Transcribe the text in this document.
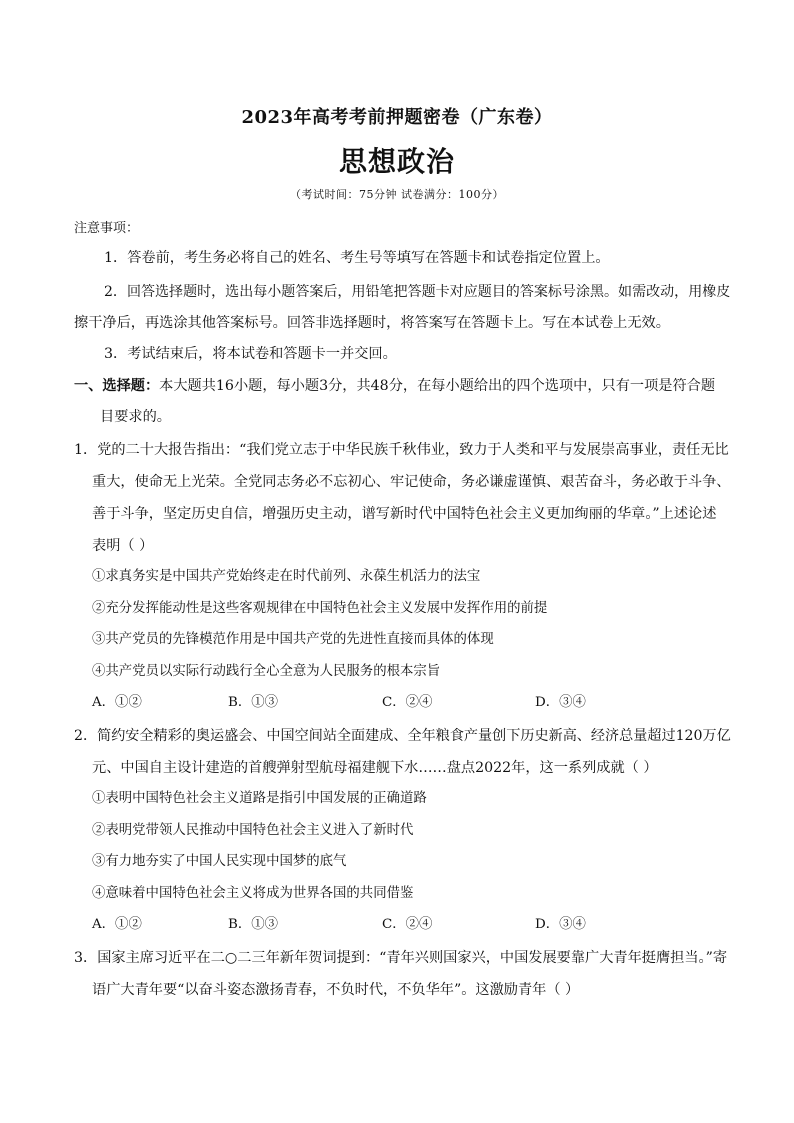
2023年高考考前押题密卷（广东卷）
思想政治
（考试时间：75分钟 试卷满分：100分）
注意事项：
1．答卷前，考生务必将自己的姓名、考生号等填写在答题卡和试卷指定位置上。
2．回答选择题时，选出每小题答案后，用铅笔把答题卡对应题目的答案标号涂黑。如需改动，用橡皮
擦干净后，再选涂其他答案标号。回答非选择题时，将答案写在答题卡上。写在本试卷上无效。
3．考试结束后，将本试卷和答题卡一并交回。
一、选择题：本大题共16小题，每小题3分，共48分，在每小题给出的四个选项中，只有一项是符合题
目要求的。
1．党的二十大报告指出：“我们党立志于中华民族千秋伟业，致力于人类和平与发展崇高事业，责任无比
重大，使命无上光荣。全党同志务必不忘初心、牢记使命，务必谦虚谨慎、艰苦奋斗，务必敢于斗争、
善于斗争，坚定历史自信，增强历史主动，谱写新时代中国特色社会主义更加绚丽的华章。”上述论述
表明（ ）
①求真务实是中国共产党始终走在时代前列、永葆生机活力的法宝
②充分发挥能动性是这些客观规律在中国特色社会主义发展中发挥作用的前提
③共产党员的先锋模范作用是中国共产党的先进性直接而具体的体现
④共产党员以实际行动践行全心全意为人民服务的根本宗旨
A．①②	B．①③	C．②④	D．③④
2．简约安全精彩的奥运盛会、中国空间站全面建成、全年粮食产量创下历史新高、经济总量超过120万亿
元、中国自主设计建造的首艘弹射型航母福建舰下水……盘点2022年，这一系列成就（ ）
①表明中国特色社会主义道路是指引中国发展的正确道路
②表明党带领人民推动中国特色社会主义进入了新时代
③有力地夯实了中国人民实现中国梦的底气
④意味着中国特色社会主义将成为世界各国的共同借鉴
A．①②	B．①③	C．②④	D．③④
3．国家主席习近平在二○二三年新年贺词提到：“青年兴则国家兴，中国发展要靠广大青年挺膺担当。”寄
语广大青年要“以奋斗姿态激扬青春，不负时代，不负华年”。这激励青年（ ）
